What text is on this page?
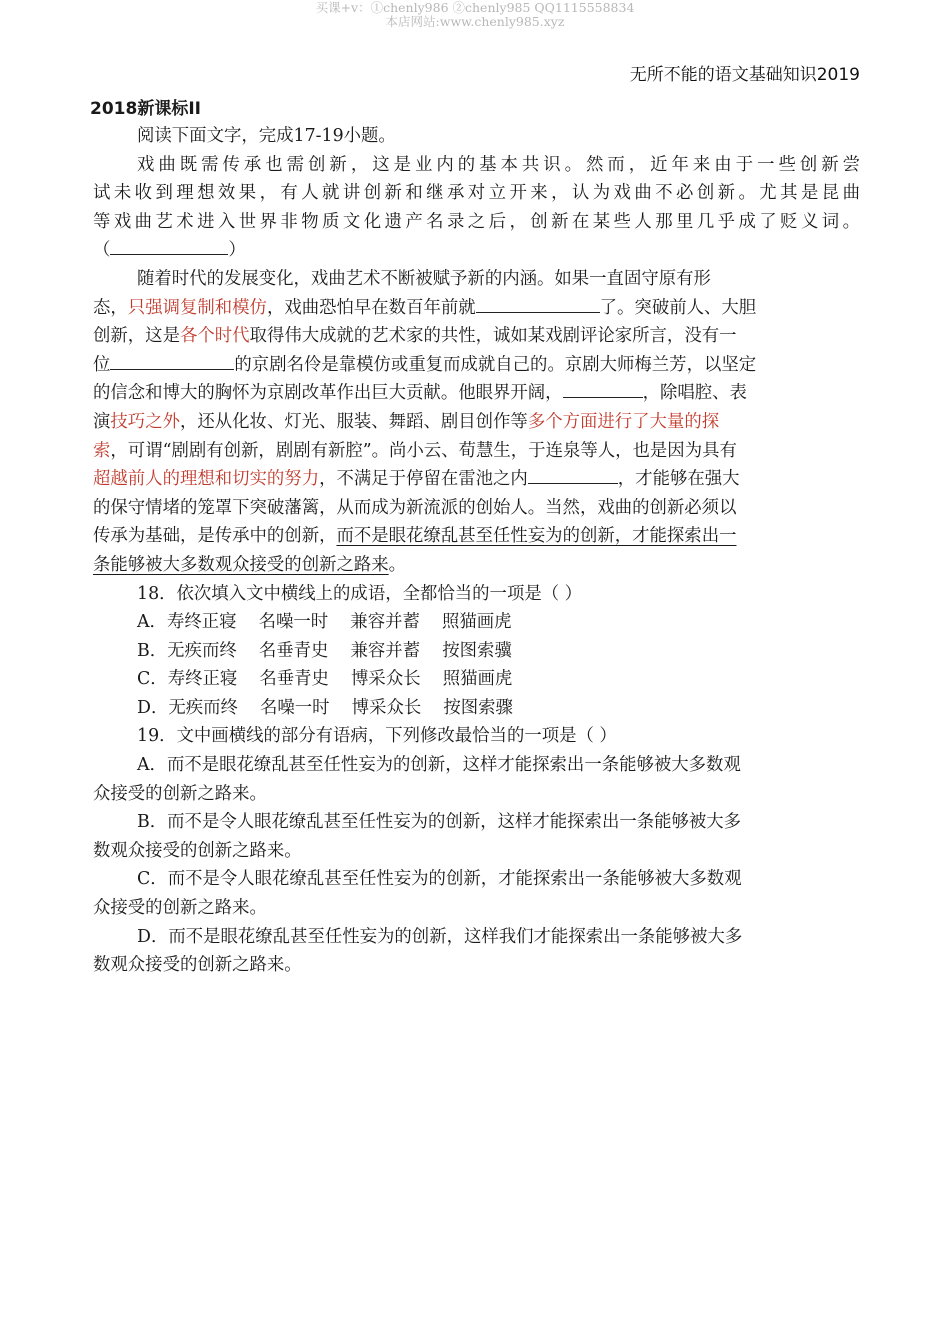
买课+v：①chenly986 ②chenly985 QQ1115558834
本店网站:www.chenly985.xyz
无所不能的语文基础知识2019
2018新课标II
阅读下面文字，完成17-19小题。
戏曲既需传承也需创新，这是业内的基本共识。然而，近年来由于一些创新尝
试未收到理想效果，有人就讲创新和继承对立开来，认为戏曲不必创新。尤其是昆曲
等戏曲艺术进入世界非物质文化遗产名录之后，创新在某些人那里几乎成了贬义词。
（	）
随着时代的发展变化，戏曲艺术不断被赋予新的内涵。如果一直固守原有形
态，只强调复制和模仿，戏曲恐怕早在数百年前就	了。突破前人、大胆
创新，这是各个时代取得伟大成就的艺术家的共性，诚如某戏剧评论家所言，没有一
位	的京剧名伶是靠模仿或重复而成就自己的。京剧大师梅兰芳，以坚定
的信念和博大的胸怀为京剧改革作出巨大贡献。他眼界开阔，	，除唱腔、表
演技巧之外，还从化妆、灯光、服装、舞蹈、剧目创作等多个方面进行了大量的探
索，可谓“剧剧有创新，剧剧有新腔”。尚小云、荀慧生，于连泉等人，也是因为具有
超越前人的理想和切实的努力，不满足于停留在雷池之内	，才能够在强大
的保守情堵的笼罩下突破藩篱，从而成为新流派的创始人。当然，戏曲的创新必须以
传承为基础，是传承中的创新，而不是眼花缭乱甚至任性妄为的创新，才能探索出一
条能够被大多数观众接受的创新之路来。
18．依次填入文中横线上的成语，全都恰当的一项是（ ）
A．寿终正寝    名噪一时    兼容并蓄    照猫画虎
B．无疾而终    名垂青史    兼容并蓄    按图索骥
C．寿终正寝    名垂青史    博采众长    照猫画虎
D．无疾而终    名噪一时    博采众长    按图索骤
19．文中画横线的部分有语病，下列修改最恰当的一项是（ ）
A．而不是眼花缭乱甚至任性妄为的创新，这样才能探索出一条能够被大多数观
众接受的创新之路来。
B．而不是令人眼花缭乱甚至任性妄为的创新，这样才能探索出一条能够被大多
数观众接受的创新之路来。
C．而不是令人眼花缭乱甚至任性妄为的创新，才能探索出一条能够被大多数观
众接受的创新之路来。
D．而不是眼花缭乱甚至任性妄为的创新，这样我们才能探索出一条能够被大多
数观众接受的创新之路来。
